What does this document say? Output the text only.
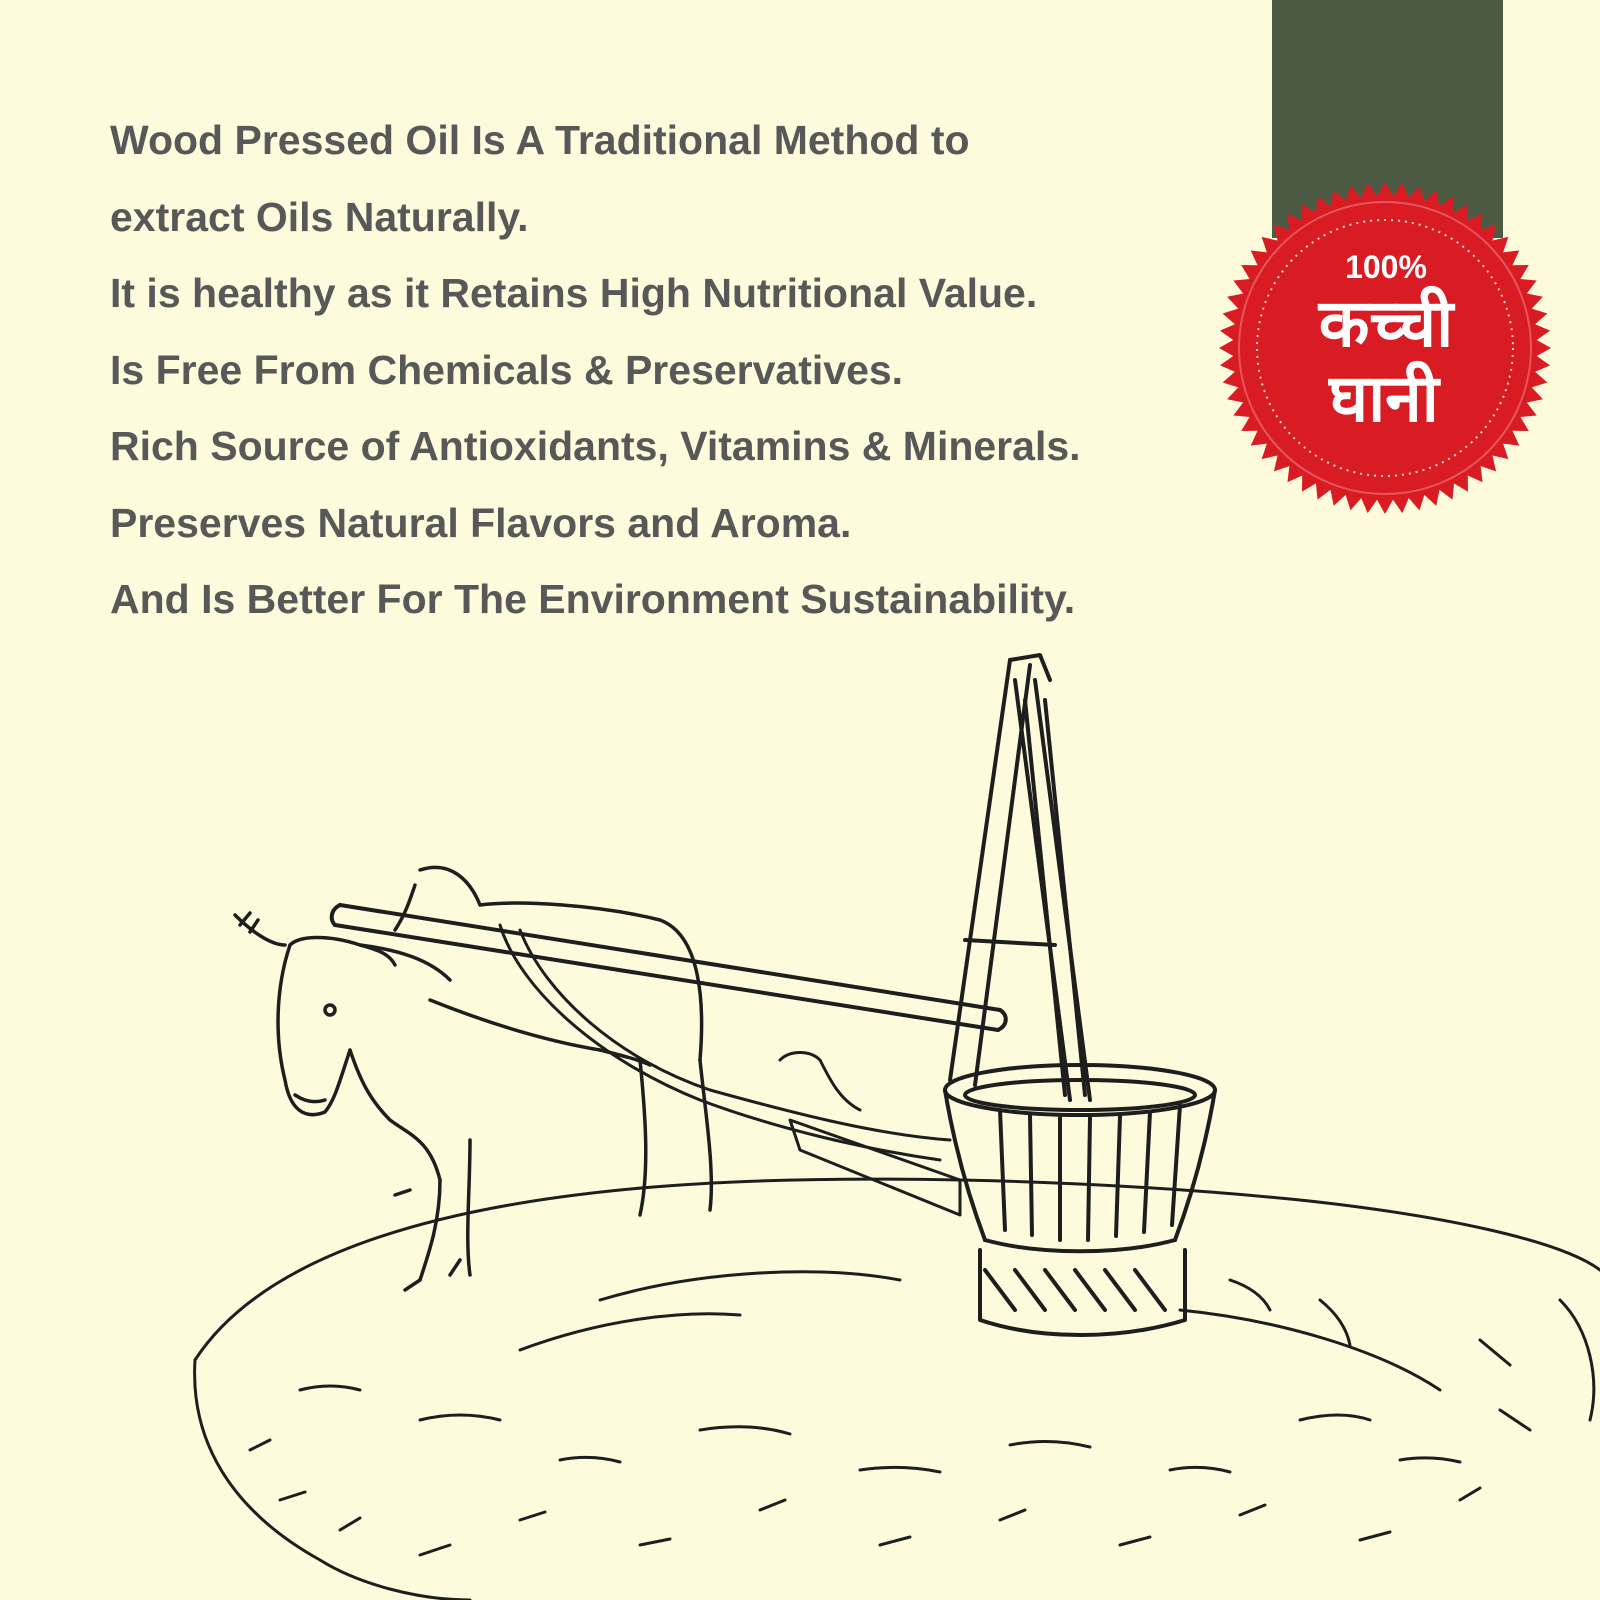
Wood Pressed Oil Is A Traditional Method to
extract Oils Naturally.
It is healthy as it Retains High Nutritional Value.
Is Free From Chemicals & Preservatives.
Rich Source of Antioxidants, Vitamins & Minerals.
Preserves Natural Flavors and Aroma.
And Is Better For The Environment Sustainability.
100%
कच्ची
घानी
